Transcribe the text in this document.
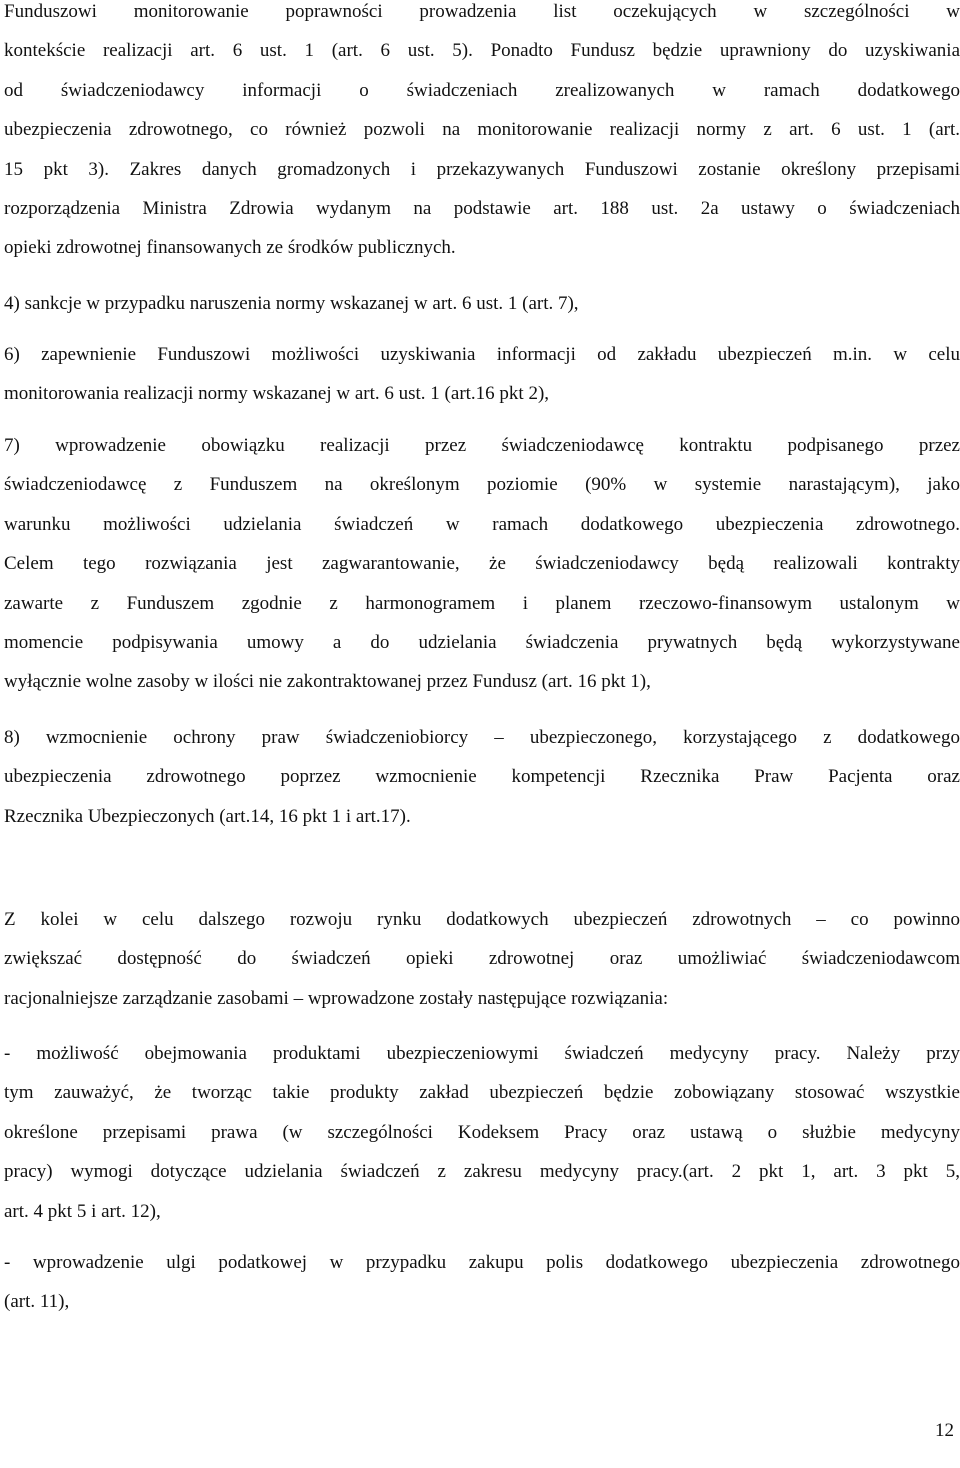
Funduszowi monitorowanie poprawności prowadzenia list oczekujących w szczególności w
kontekście realizacji art. 6 ust. 1 (art. 6 ust. 5). Ponadto Fundusz będzie uprawniony do uzyskiwania
od świadczeniodawcy informacji o świadczeniach zrealizowanych w ramach dodatkowego
ubezpieczenia zdrowotnego, co również pozwoli na monitorowanie realizacji normy z art. 6 ust. 1 (art.
15 pkt 3). Zakres danych gromadzonych i przekazywanych Funduszowi zostanie określony przepisami
rozporządzenia Ministra Zdrowia wydanym na podstawie art. 188 ust. 2a ustawy o świadczeniach
opieki zdrowotnej finansowanych ze środków publicznych.
4) sankcje w przypadku naruszenia normy wskazanej w art. 6 ust. 1 (art. 7),
6) zapewnienie Funduszowi możliwości uzyskiwania informacji od zakładu ubezpieczeń m.in. w celu
monitorowania realizacji normy wskazanej w art. 6 ust. 1 (art.16 pkt 2),
7) wprowadzenie obowiązku realizacji przez świadczeniodawcę kontraktu podpisanego przez
świadczeniodawcę z Funduszem na określonym poziomie (90% w systemie narastającym), jako
warunku możliwości udzielania świadczeń w ramach dodatkowego ubezpieczenia zdrowotnego.
Celem tego rozwiązania jest zagwarantowanie, że świadczeniodawcy będą realizowali kontrakty
zawarte z Funduszem zgodnie z harmonogramem i planem rzeczowo-finansowym ustalonym w
momencie podpisywania umowy a do udzielania świadczenia prywatnych będą wykorzystywane
wyłącznie wolne zasoby w ilości nie zakontraktowanej przez Fundusz (art. 16 pkt 1),
8) wzmocnienie ochrony praw świadczeniobiorcy – ubezpieczonego, korzystającego z dodatkowego
ubezpieczenia zdrowotnego poprzez wzmocnienie kompetencji Rzecznika Praw Pacjenta oraz
Rzecznika Ubezpieczonych (art.14, 16 pkt 1 i art.17).
Z kolei w celu dalszego rozwoju rynku dodatkowych ubezpieczeń zdrowotnych – co powinno
zwiększać dostępność do świadczeń opieki zdrowotnej oraz umożliwiać świadczeniodawcom
racjonalniejsze zarządzanie zasobami – wprowadzone zostały następujące rozwiązania:
- możliwość obejmowania produktami ubezpieczeniowymi świadczeń medycyny pracy. Należy przy
tym zauważyć, że tworząc takie produkty zakład ubezpieczeń będzie zobowiązany stosować wszystkie
określone przepisami prawa (w szczególności Kodeksem Pracy oraz ustawą o służbie medycyny
pracy) wymogi dotyczące udzielania świadczeń z zakresu medycyny pracy.(art. 2 pkt 1, art. 3 pkt 5,
art. 4 pkt 5 i art. 12),
- wprowadzenie ulgi podatkowej w przypadku zakupu polis dodatkowego ubezpieczenia zdrowotnego
(art. 11),
12
